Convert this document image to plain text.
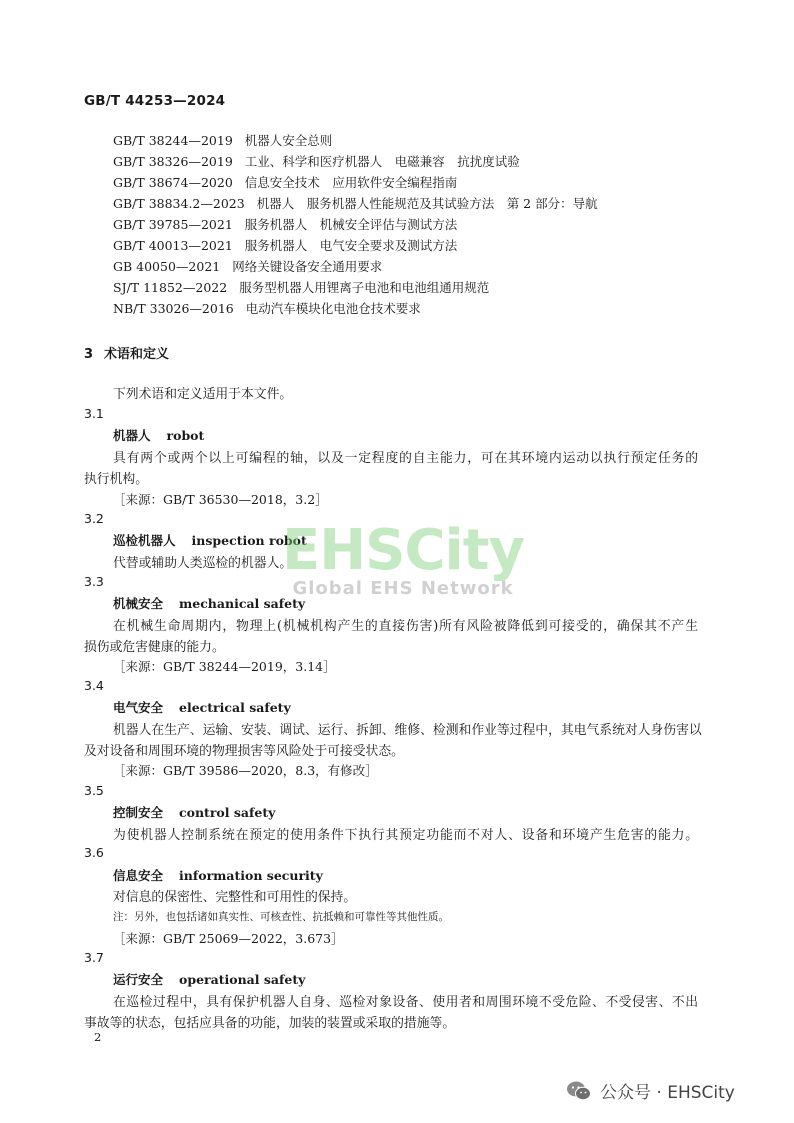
GB/T 44253—2024
GB/T 38244—2019 机器人安全总则
GB/T 38326—2019 工业、科学和医疗机器人　电磁兼容　抗扰度试验
GB/T 38674—2020 信息安全技术　应用软件安全编程指南
GB/T 38834.2—2023 机器人　服务机器人性能规范及其试验方法　第 2 部分：导航
GB/T 39785—2021 服务机器人　机械安全评估与测试方法
GB/T 40013—2021 服务机器人　电气安全要求及测试方法
GB 40050—2021 网络关键设备安全通用要求
SJ/T 11852—2022 服务型机器人用锂离子电池和电池组通用规范
NB/T 33026—2016 电动汽车模块化电池仓技术要求
3 术语和定义
下列术语和定义适用于本文件。
3.1
机器人 robot
具有两个或两个以上可编程的轴，以及一定程度的自主能力，可在其环境内运动以执行预定任务的
执行机构。
［来源：GB/T 36530—2018，3.2］
3.2
巡检机器人 inspection robot
代替或辅助人类巡检的机器人。
3.3
机械安全 mechanical safety
在机械生命周期内，物理上(机械机构产生的直接伤害)所有风险被降低到可接受的，确保其不产生
损伤或危害健康的能力。
［来源：GB/T 38244—2019，3.14］
3.4
电气安全 electrical safety
机器人在生产、运输、安装、调试、运行、拆卸、维修、检测和作业等过程中，其电气系统对人身伤害以
及对设备和周围环境的物理损害等风险处于可接受状态。
［来源：GB/T 39586—2020，8.3，有修改］
3.5
控制安全 control safety
为使机器人控制系统在预定的使用条件下执行其预定功能而不对人、设备和环境产生危害的能力。
3.6
信息安全 information security
对信息的保密性、完整性和可用性的保持。
注：另外，也包括诸如真实性、可核查性、抗抵赖和可靠性等其他性质。
［来源：GB/T 25069—2022，3.673］
3.7
运行安全 operational safety
在巡检过程中，具有保护机器人自身、巡检对象设备、使用者和周围环境不受危险、不受侵害、不出
事故等的状态，包括应具备的功能，加装的装置或采取的措施等。
2
EHSCity
Global EHS Network
公众号 · EHSCity
